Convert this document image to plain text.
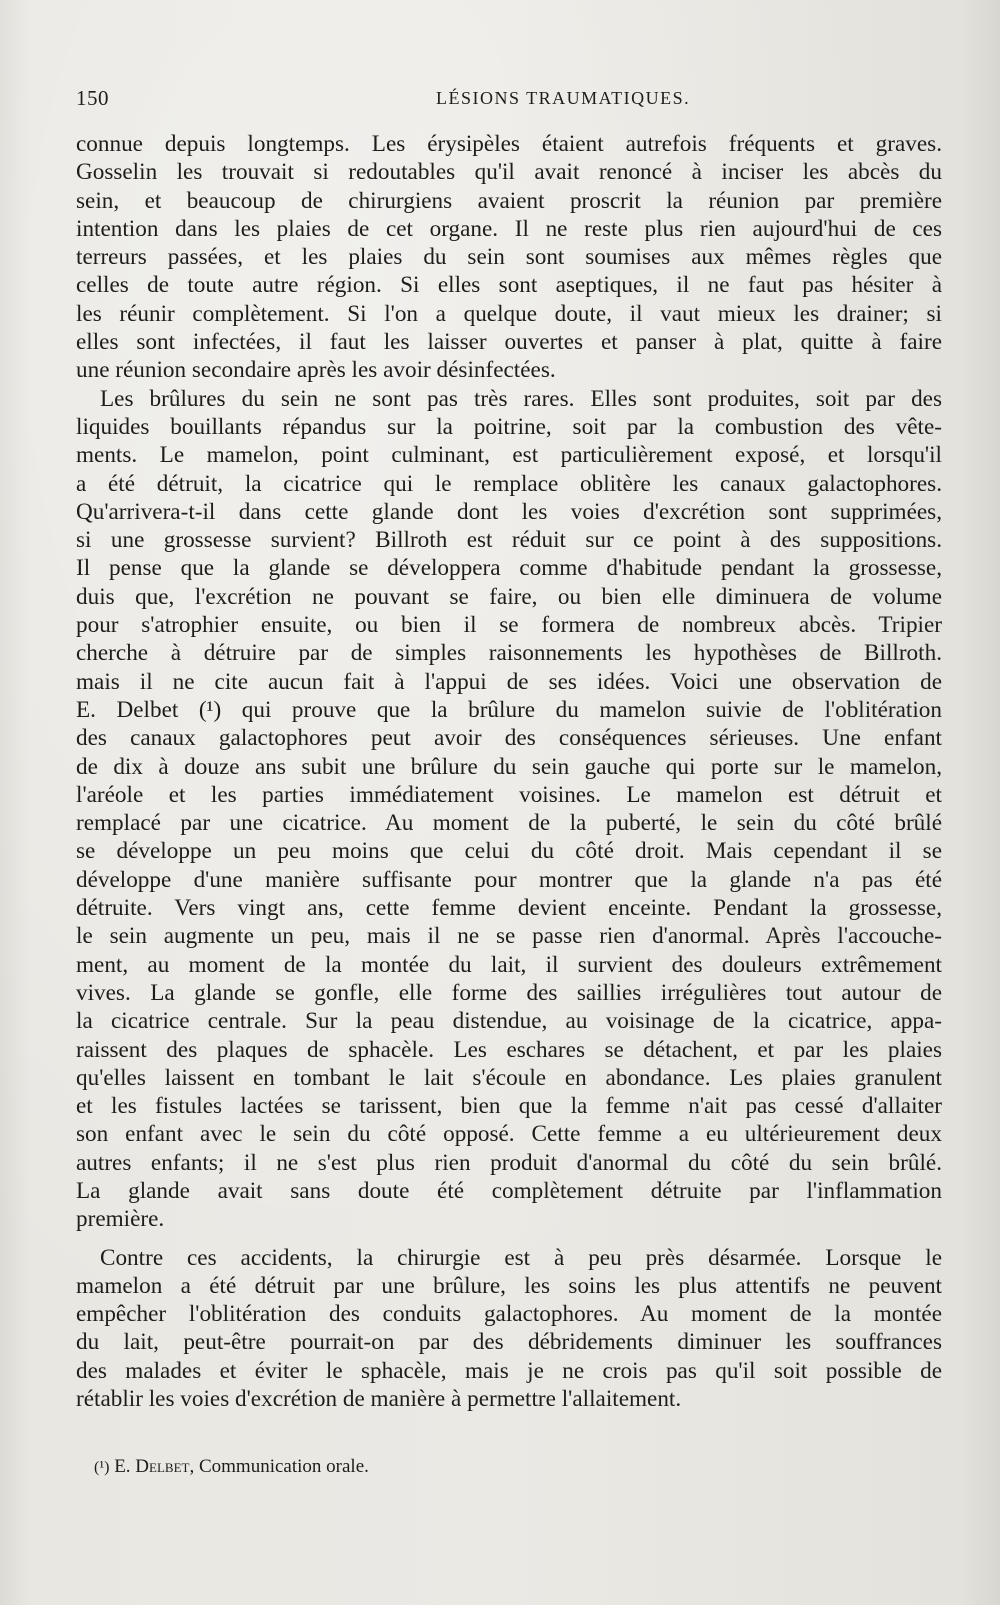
150	LÉSIONS TRAUMATIQUES.
connue depuis longtemps. Les érysipèles étaient autrefois fréquents et graves.
Gosselin les trouvait si redoutables qu'il avait renoncé à inciser les abcès du
sein, et beaucoup de chirurgiens avaient proscrit la réunion par première
intention dans les plaies de cet organe. Il ne reste plus rien aujourd'hui de ces
terreurs passées, et les plaies du sein sont soumises aux mêmes règles que
celles de toute autre région. Si elles sont aseptiques, il ne faut pas hésiter à
les réunir complètement. Si l'on a quelque doute, il vaut mieux les drainer; si
elles sont infectées, il faut les laisser ouvertes et panser à plat, quitte à faire
une réunion secondaire après les avoir désinfectées.
Les brûlures du sein ne sont pas très rares. Elles sont produites, soit par des
liquides bouillants répandus sur la poitrine, soit par la combustion des vête-
ments. Le mamelon, point culminant, est particulièrement exposé, et lorsqu'il
a été détruit, la cicatrice qui le remplace oblitère les canaux galactophores.
Qu'arrivera-t-il dans cette glande dont les voies d'excrétion sont supprimées,
si une grossesse survient? Billroth est réduit sur ce point à des suppositions.
Il pense que la glande se développera comme d'habitude pendant la grossesse,
duis que, l'excrétion ne pouvant se faire, ou bien elle diminuera de volume
pour s'atrophier ensuite, ou bien il se formera de nombreux abcès. Tripier
cherche à détruire par de simples raisonnements les hypothèses de Billroth.
mais il ne cite aucun fait à l'appui de ses idées. Voici une observation de
E. Delbet (¹) qui prouve que la brûlure du mamelon suivie de l'oblitération
des canaux galactophores peut avoir des conséquences sérieuses. Une enfant
de dix à douze ans subit une brûlure du sein gauche qui porte sur le mamelon,
l'aréole et les parties immédiatement voisines. Le mamelon est détruit et
remplacé par une cicatrice. Au moment de la puberté, le sein du côté brûlé
se développe un peu moins que celui du côté droit. Mais cependant il se
développe d'une manière suffisante pour montrer que la glande n'a pas été
détruite. Vers vingt ans, cette femme devient enceinte. Pendant la grossesse,
le sein augmente un peu, mais il ne se passe rien d'anormal. Après l'accouche-
ment, au moment de la montée du lait, il survient des douleurs extrêmement
vives. La glande se gonfle, elle forme des saillies irrégulières tout autour de
la cicatrice centrale. Sur la peau distendue, au voisinage de la cicatrice, appa-
raissent des plaques de sphacèle. Les eschares se détachent, et par les plaies
qu'elles laissent en tombant le lait s'écoule en abondance. Les plaies granulent
et les fistules lactées se tarissent, bien que la femme n'ait pas cessé d'allaiter
son enfant avec le sein du côté opposé. Cette femme a eu ultérieurement deux
autres enfants; il ne s'est plus rien produit d'anormal du côté du sein brûlé.
La glande avait sans doute été complètement détruite par l'inflammation
première.
Contre ces accidents, la chirurgie est à peu près désarmée. Lorsque le
mamelon a été détruit par une brûlure, les soins les plus attentifs ne peuvent
empêcher l'oblitération des conduits galactophores. Au moment de la montée
du lait, peut-être pourrait-on par des débridements diminuer les souffrances
des malades et éviter le sphacèle, mais je ne crois pas qu'il soit possible de
rétablir les voies d'excrétion de manière à permettre l'allaitement.
(¹) E. Delbet, Communication orale.
